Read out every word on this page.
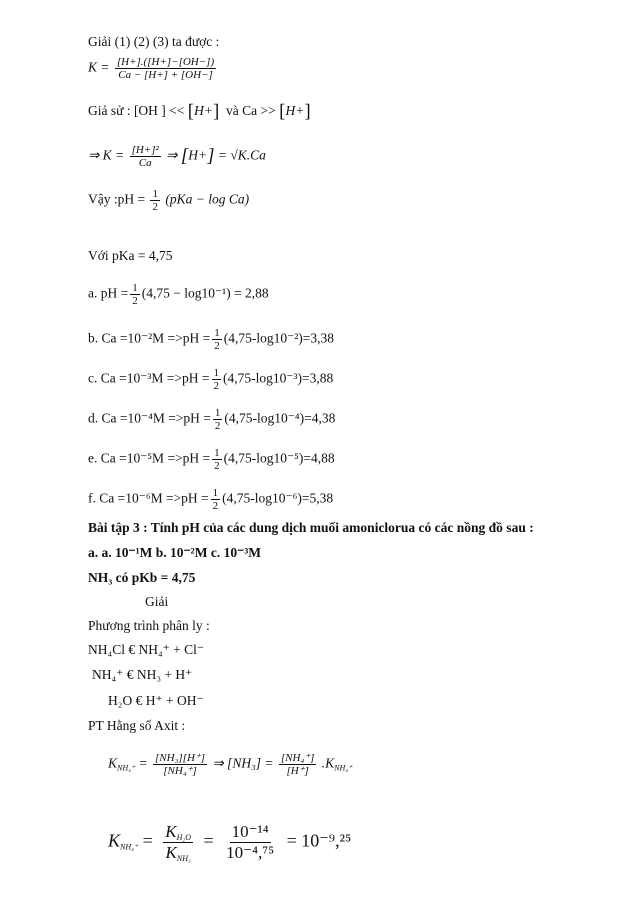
Giải (1) (2) (3) ta được :
$K = \frac{[H+].([H+]-[OH-])}{Ca - [H+] + [OH-]}$
Giả sử : [OH ] << [H+] và Ca >> [H+]
⇒ $K = \frac{\text{[H+]²}}{Ca}$ ⇒ [H+] = √K.Ca
Vậy :pH = $\frac{1}{2} (pKa - \log Ca)$
Với pKa = 4,75
a. pH = $\frac{1}{2} (4,75 - \log 10^{-1}) = 2,88$
b. $Ca =10^{-2}M =>pH = \frac{1}{2} (4,75-\log 10^{-2})=3,38$
c. $Ca =10^{-3}M =>pH = \frac{1}{2} (4,75-\log 10^{-3})=3,88$
d. $Ca =10^{-4}M =>pH = \frac{1}{2} (4,75-\log 10^{-4})=4,38$
e. $Ca =10^{-5}M =>pH = \frac{1}{2} (4,75-\log 10^{-5})=4,88$
f. $Ca =10^{-6}M =>pH = \frac{1}{2} (4,75-\log 10^{-6})=5,38$
Bài tập 3 : Tính pH của các dung dịch muối amoniclorua có các nồng đồ sau :
a. a. 10⁻¹M b. 10⁻²M c. 10⁻³M
NH₃ có pKb = 4,75
Giải
Phương trình phân ly :
NH₄Cl € NH₄⁺ + Cl⁻
NH₄⁺ € NH₃ + H⁺
H₂O € H⁺ + OH⁻
PT Hằng số Axit :
$K_{NH_4^+} = \frac{\text{[NH₃][H⁺]}}{\text{[NH₄⁺]}}$ ⇒ $[NH_3] = \frac{\text{[NH₄⁺]}}{[H^+]} .K_{NH_4^+}$
$K_{NH_4^+} = \frac{K_{H_2O}}{K_{NH_3}} = \frac{\text{10⁻¹⁴}}{\text{10⁻⁴,⁷⁵}} = 10^{-9},^{25}$
